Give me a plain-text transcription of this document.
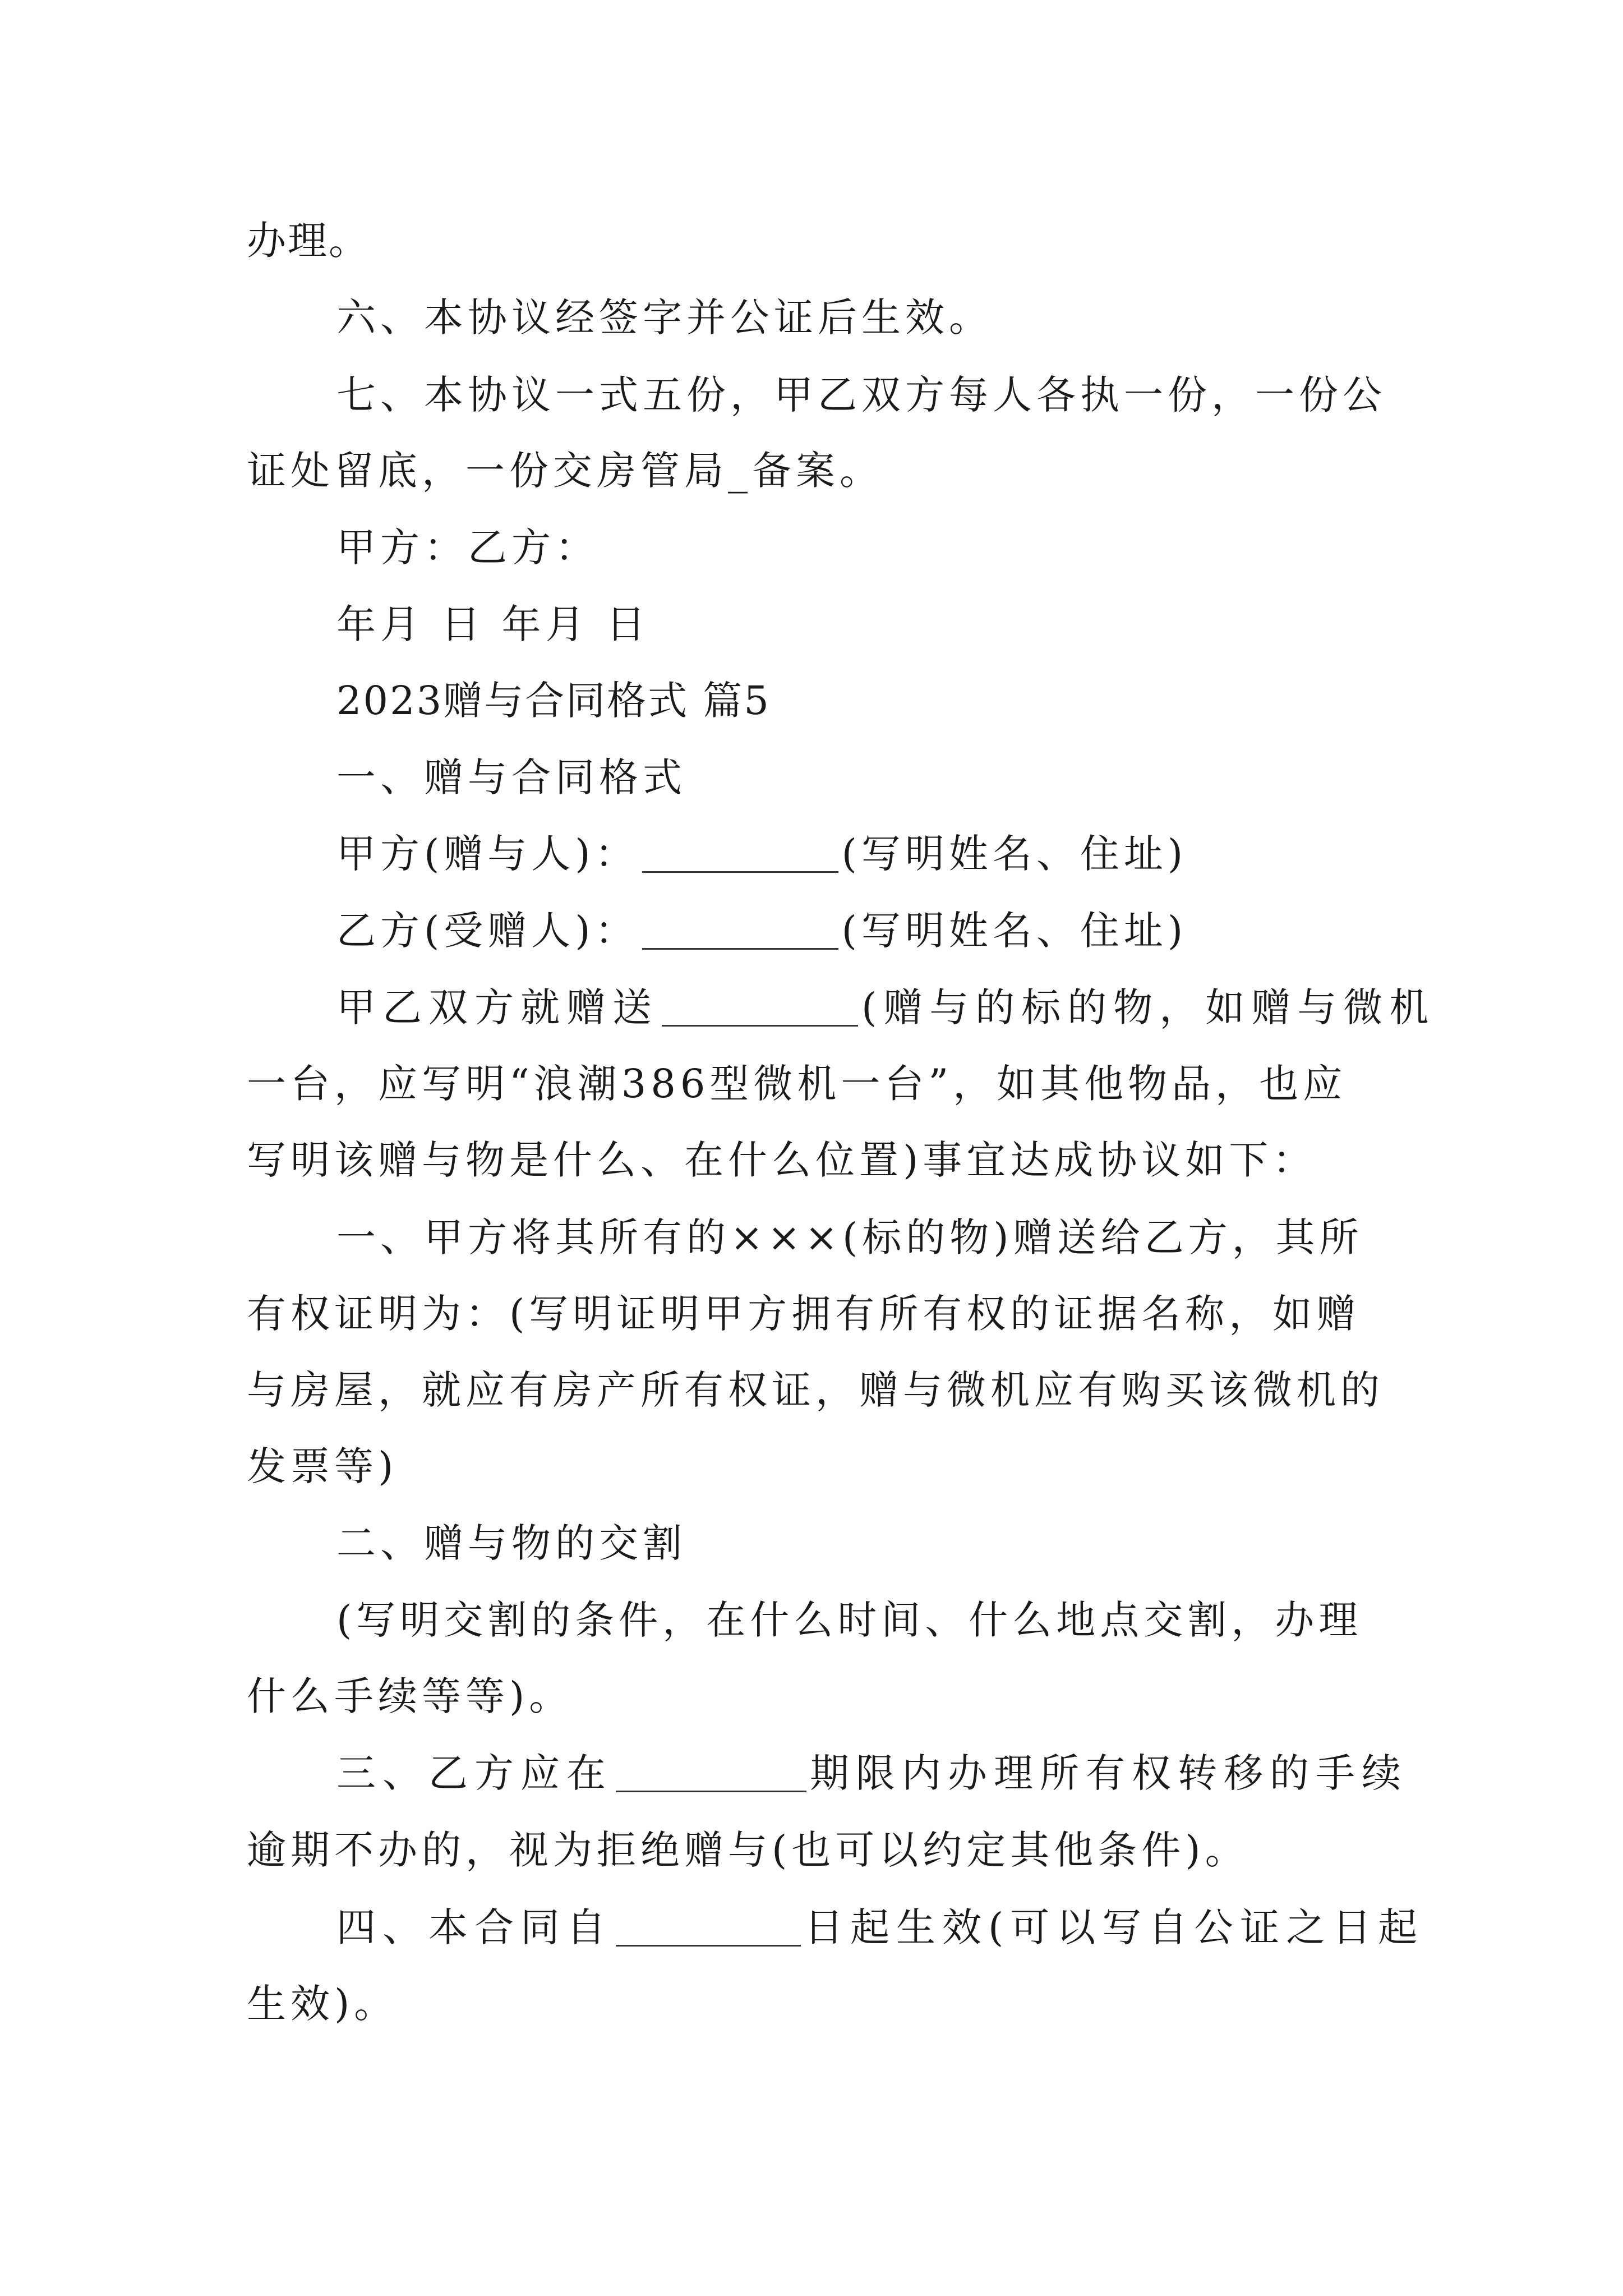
办理。
六、本协议经签字并公证后生效。
七、本协议一式五份，甲乙双方每人各执一份，一份公
证处留底，一份交房管局_备案。
甲方：乙方：
年月 日 年月 日
2023赠与合同格式 篇5
一、赠与合同格式
甲方(赠与人)：	(写明姓名、住址)
乙方(受赠人)：	(写明姓名、住址)
甲乙双方就赠送	(赠与的标的物，如赠与微机
一台，应写明“浪潮386型微机一台”，如其他物品，也应
写明该赠与物是什么、在什么位置)事宜达成协议如下：
一、甲方将其所有的×××(标的物)赠送给乙方，其所
有权证明为：(写明证明甲方拥有所有权的证据名称，如赠
与房屋，就应有房产所有权证，赠与微机应有购买该微机的
发票等)
二、赠与物的交割
(写明交割的条件，在什么时间、什么地点交割，办理
什么手续等等)。
三、乙方应在	期限内办理所有权转移的手续
逾期不办的，视为拒绝赠与(也可以约定其他条件)。
四、本合同自	日起生效(可以写自公证之日起
生效)。
